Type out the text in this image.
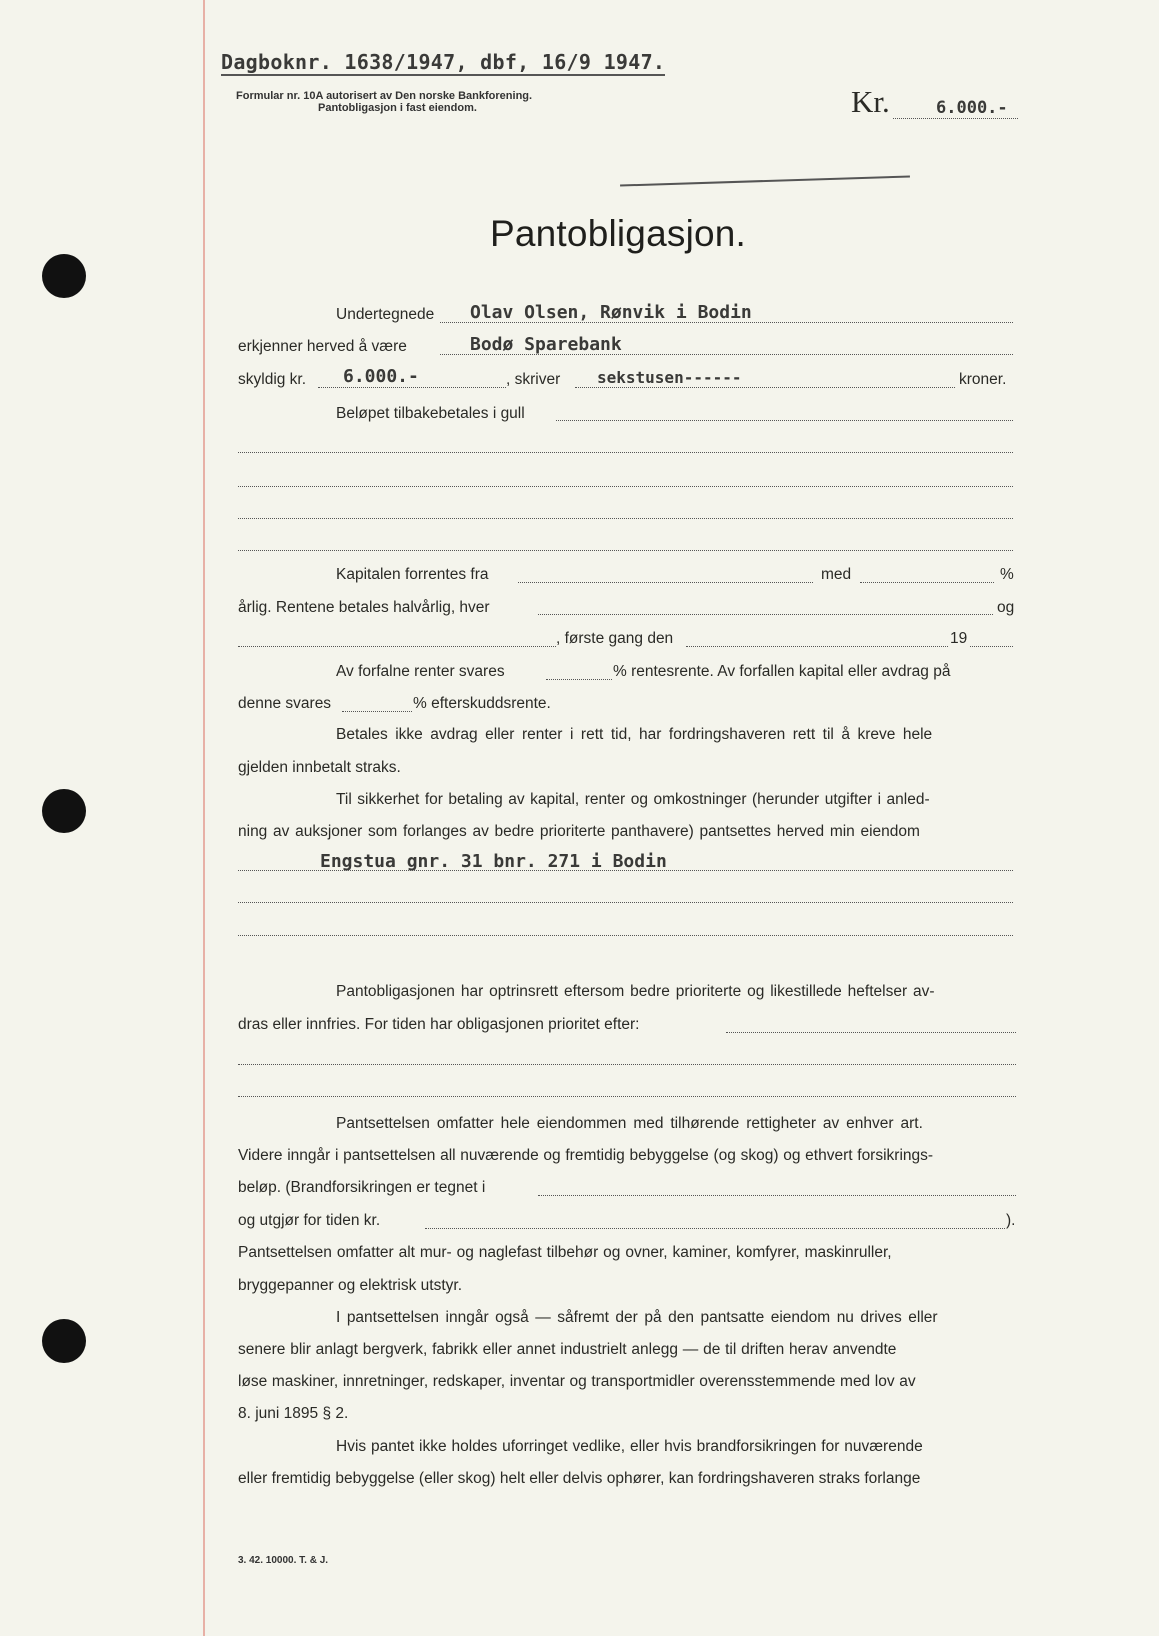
Dagboknr. 1638/1947, dbf, 16/9 1947.
Formular nr. 10A autorisert av Den norske Bankforening.
Pantobligasjon i fast eiendom.	Kr.	6.000.-
Pantobligasjon.
Undertegnede Olav Olsen, Rønvik i Bodin
erkjenner herved å være	Bodø Sparebank
skyldig kr. 6.000.-	, skriver sekstusen------	kroner.
Beløpet tilbakebetales i gull
Kapitalen forrentes fra	med	%
årlig. Rentene betales halvårlig, hver	og
, første gang den	19
Av forfalne renter svares	% rentesrente. Av forfallen kapital eller avdrag på
denne svares	% efterskuddsrente.
Betales ikke avdrag eller renter i rett tid, har fordringshaveren rett til å kreve hele
gjelden innbetalt straks.
Til sikkerhet for betaling av kapital, renter og omkostninger (herunder utgifter i anled-
ning av auksjoner som forlanges av bedre prioriterte panthavere) pantsettes herved min eiendom
Engstua gnr. 31 bnr. 271 i Bodin
Pantobligasjonen har optrinsrett eftersom bedre prioriterte og likestillede heftelser av-
dras eller innfries. For tiden har obligasjonen prioritet efter:
Pantsettelsen omfatter hele eiendommen med tilhørende rettigheter av enhver art.
Videre inngår i pantsettelsen all nuværende og fremtidig bebyggelse (og skog) og ethvert forsikrings-
beløp. (Brandforsikringen er tegnet i
og utgjør for tiden kr.	).
Pantsettelsen omfatter alt mur- og naglefast tilbehør og ovner, kaminer, komfyrer, maskinruller,
bryggepanner og elektrisk utstyr.
I pantsettelsen inngår også — såfremt der på den pantsatte eiendom nu drives eller
senere blir anlagt bergverk, fabrikk eller annet industrielt anlegg — de til driften herav anvendte
løse maskiner, innretninger, redskaper, inventar og transportmidler overensstemmende med lov av
8. juni 1895 § 2.
Hvis pantet ikke holdes uforringet vedlike, eller hvis brandforsikringen for nuværende
eller fremtidig bebyggelse (eller skog) helt eller delvis ophører, kan fordringshaveren straks forlange
3. 42. 10000. T. & J.
